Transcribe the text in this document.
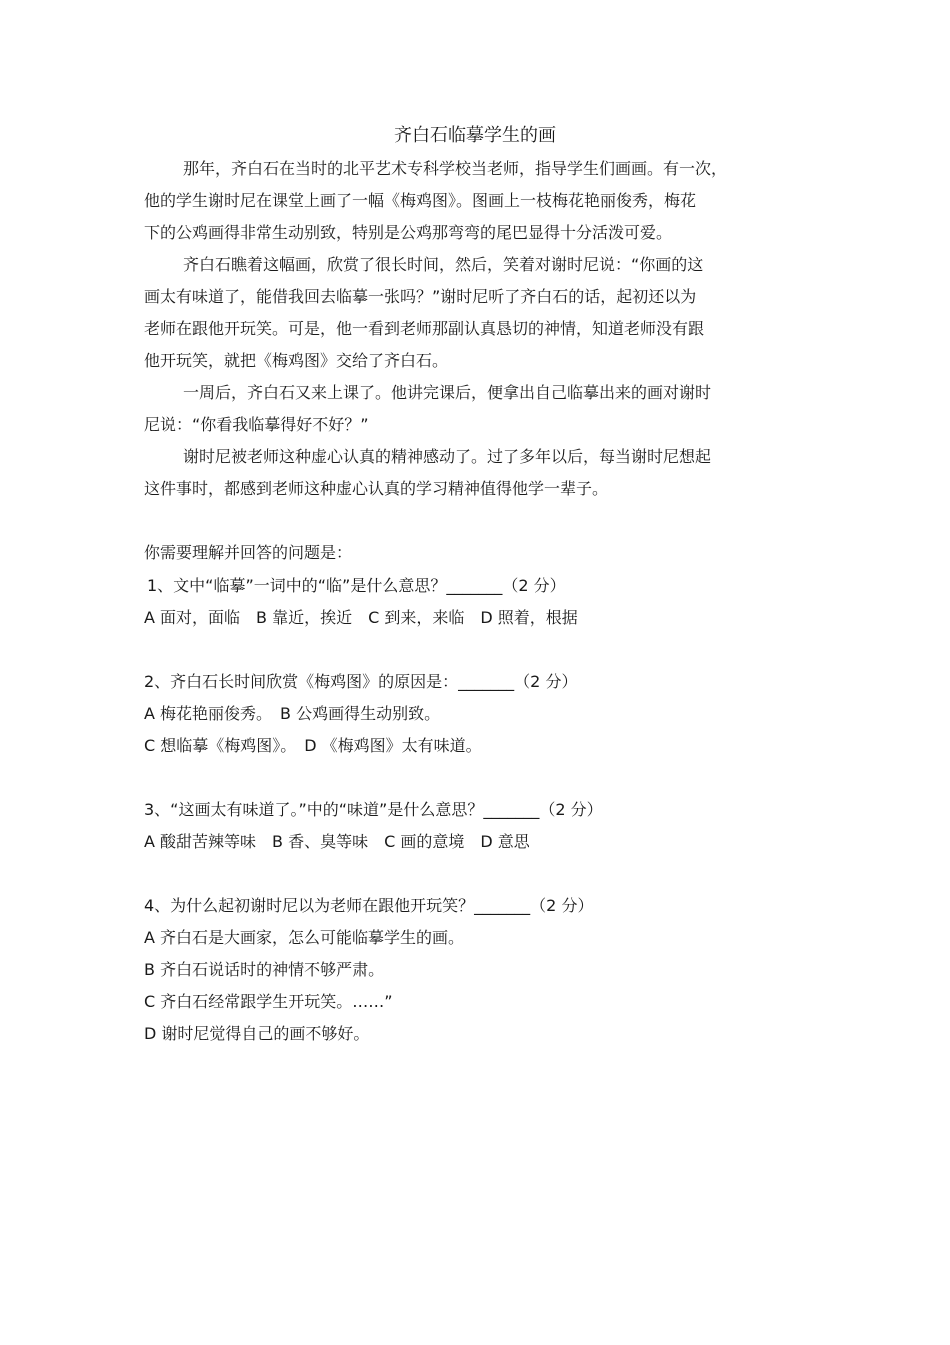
齐白石临摹学生的画
那年，齐白石在当时的北平艺术专科学校当老师，指导学生们画画。有一次，
他的学生谢时尼在课堂上画了一幅《梅鸡图》。图画上一枝梅花艳丽俊秀，梅花
下的公鸡画得非常生动别致，特别是公鸡那弯弯的尾巴显得十分活泼可爱。
齐白石瞧着这幅画，欣赏了很长时间，然后，笑着对谢时尼说：“你画的这
画太有味道了，能借我回去临摹一张吗？”谢时尼听了齐白石的话，起初还以为
老师在跟他开玩笑。可是，他一看到老师那副认真恳切的神情，知道老师没有跟
他开玩笑，就把《梅鸡图》交给了齐白石。
一周后，齐白石又来上课了。他讲完课后，便拿出自己临摹出来的画对谢时
尼说：“你看我临摹得好不好？”
谢时尼被老师这种虚心认真的精神感动了。过了多年以后，每当谢时尼想起
这件事时，都感到老师这种虚心认真的学习精神值得他学一辈子。
你需要理解并回答的问题是：
1、文中“临摹”一词中的“临”是什么意思？_______（2 分）
A 面对，面临　B 靠近，挨近　C 到来，来临　D 照着，根据
2、齐白石长时间欣赏《梅鸡图》的原因是：_______（2 分）
A 梅花艳丽俊秀。　B 公鸡画得生动别致。
C 想临摹《梅鸡图》。　D 《梅鸡图》太有味道。
3、“这画太有味道了。”中的“味道”是什么意思？_______（2 分）
A 酸甜苦辣等味　B 香、臭等味　C 画的意境　D 意思
4、为什么起初谢时尼以为老师在跟他开玩笑？_______（2 分）
A 齐白石是大画家，怎么可能临摹学生的画。
B 齐白石说话时的神情不够严肃。
C 齐白石经常跟学生开玩笑。……”
D 谢时尼觉得自己的画不够好。
